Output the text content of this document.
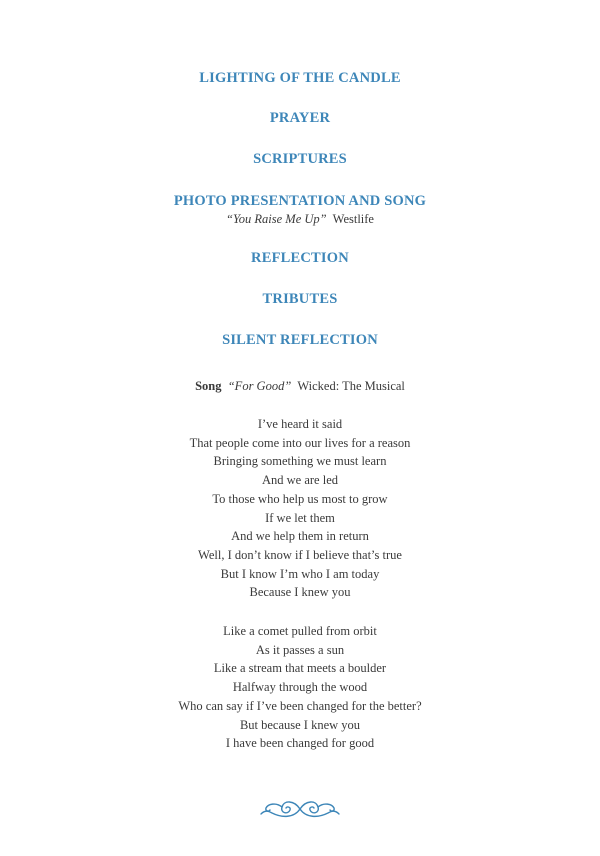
LIGHTING OF THE CANDLE
PRAYER
SCRIPTURES
PHOTO PRESENTATION AND SONG
“You Raise Me Up” Westlife
REFLECTION
TRIBUTES
SILENT REFLECTION
Song “For Good” Wicked: The Musical
I’ve heard it said
That people come into our lives for a reason
Bringing something we must learn
And we are led
To those who help us most to grow
If we let them
And we help them in return
Well, I don’t know if I believe that’s true
But I know I’m who I am today
Because I knew you
Like a comet pulled from orbit
As it passes a sun
Like a stream that meets a boulder
Halfway through the wood
Who can say if I’ve been changed for the better?
But because I knew you
I have been changed for good
